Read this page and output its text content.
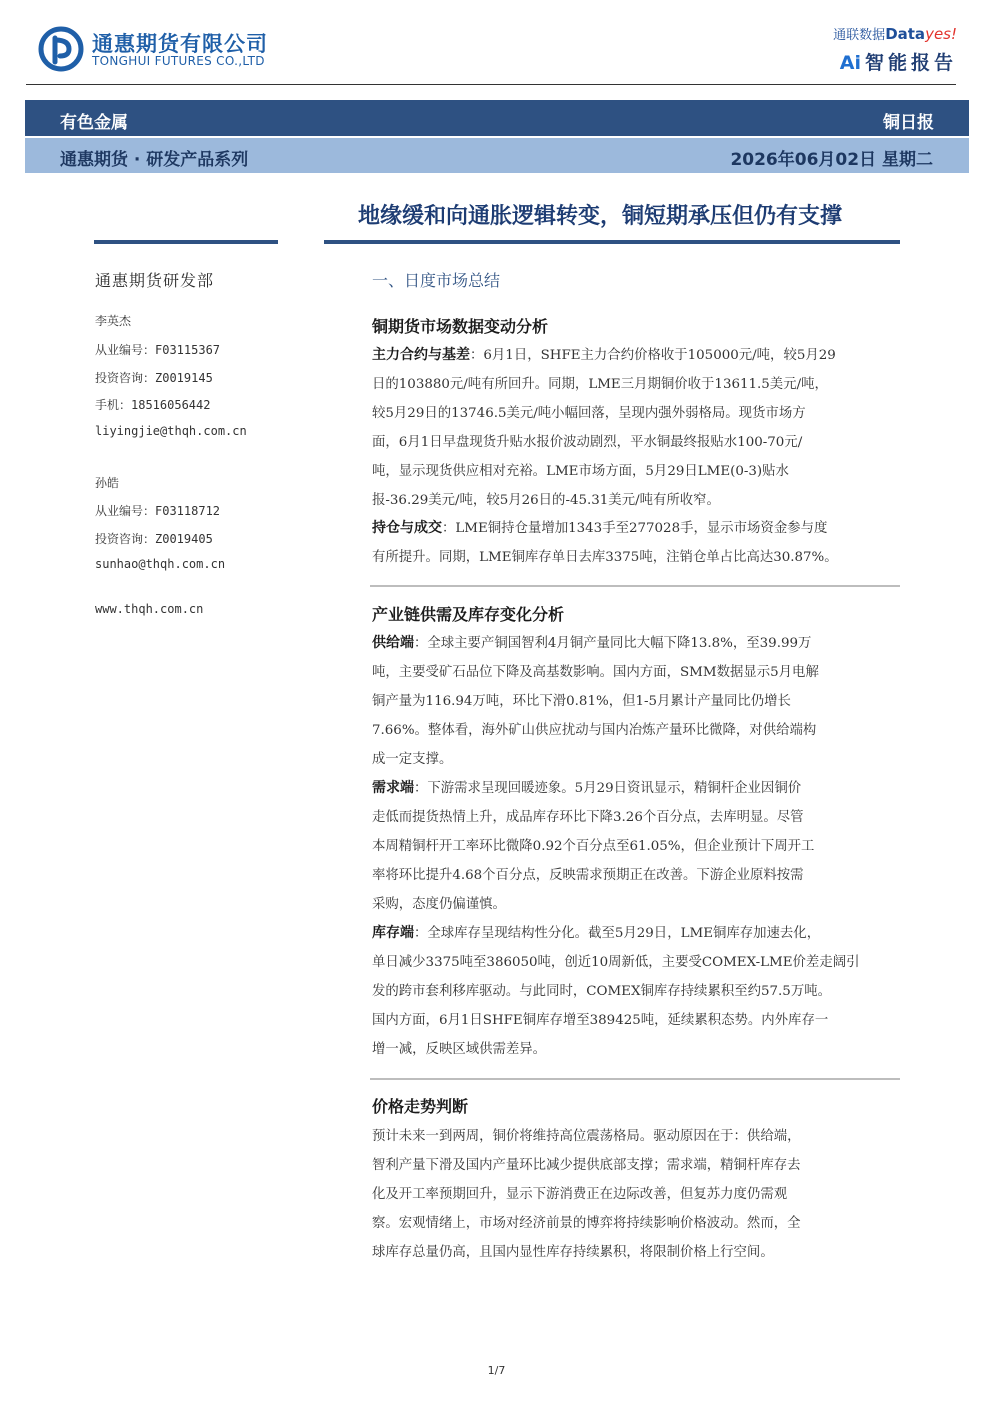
通惠期货有限公司
TONGHUI FUTURES CO.,LTD
通联数据Datayes!
Ai 智能报告
有色金属	铜日报
通惠期货 · 研发产品系列	2026年06月02日 星期二
地缘缓和向通胀逻辑转变，铜短期承压但仍有支撑
通惠期货研发部
李英杰
从业编号：F03115367
投资咨询：Z0019145
手机：18516056442
liyingjie@thqh.com.cn
孙皓
从业编号：F03118712
投资咨询：Z0019405
sunhao@thqh.com.cn
www.thqh.com.cn
一、日度市场总结
铜期货市场数据变动分析
主力合约与基差：6月1日，SHFE主力合约价格收于105000元/吨，较5月29
日的103880元/吨有所回升。同期，LME三月期铜价收于13611.5美元/吨，
较5月29日的13746.5美元/吨小幅回落，呈现内强外弱格局。现货市场方
面，6月1日早盘现货升贴水报价波动剧烈，平水铜最终报贴水100-70元/
吨，显示现货供应相对充裕。LME市场方面，5月29日LME(0-3)贴水
报-36.29美元/吨，较5月26日的-45.31美元/吨有所收窄。
持仓与成交：LME铜持仓量增加1343手至277028手，显示市场资金参与度
有所提升。同期，LME铜库存单日去库3375吨，注销仓单占比高达30.87%。
产业链供需及库存变化分析
供给端：全球主要产铜国智利4月铜产量同比大幅下降13.8%，至39.99万
吨，主要受矿石品位下降及高基数影响。国内方面，SMM数据显示5月电解
铜产量为116.94万吨，环比下滑0.81%，但1-5月累计产量同比仍增长
7.66%。整体看，海外矿山供应扰动与国内冶炼产量环比微降，对供给端构
成一定支撑。
需求端：下游需求呈现回暖迹象。5月29日资讯显示，精铜杆企业因铜价
走低而提货热情上升，成品库存环比下降3.26个百分点，去库明显。尽管
本周精铜杆开工率环比微降0.92个百分点至61.05%，但企业预计下周开工
率将环比提升4.68个百分点，反映需求预期正在改善。下游企业原料按需
采购，态度仍偏谨慎。
库存端：全球库存呈现结构性分化。截至5月29日，LME铜库存加速去化，
单日减少3375吨至386050吨，创近10周新低，主要受COMEX-LME价差走阔引
发的跨市套利移库驱动。与此同时，COMEX铜库存持续累积至约57.5万吨。
国内方面，6月1日SHFE铜库存增至389425吨，延续累积态势。内外库存一
增一减，反映区域供需差异。
价格走势判断
预计未来一到两周，铜价将维持高位震荡格局。驱动原因在于：供给端，
智利产量下滑及国内产量环比减少提供底部支撑；需求端，精铜杆库存去
化及开工率预期回升，显示下游消费正在边际改善，但复苏力度仍需观
察。宏观情绪上，市场对经济前景的博弈将持续影响价格波动。然而，全
球库存总量仍高，且国内显性库存持续累积，将限制价格上行空间。
1/7
